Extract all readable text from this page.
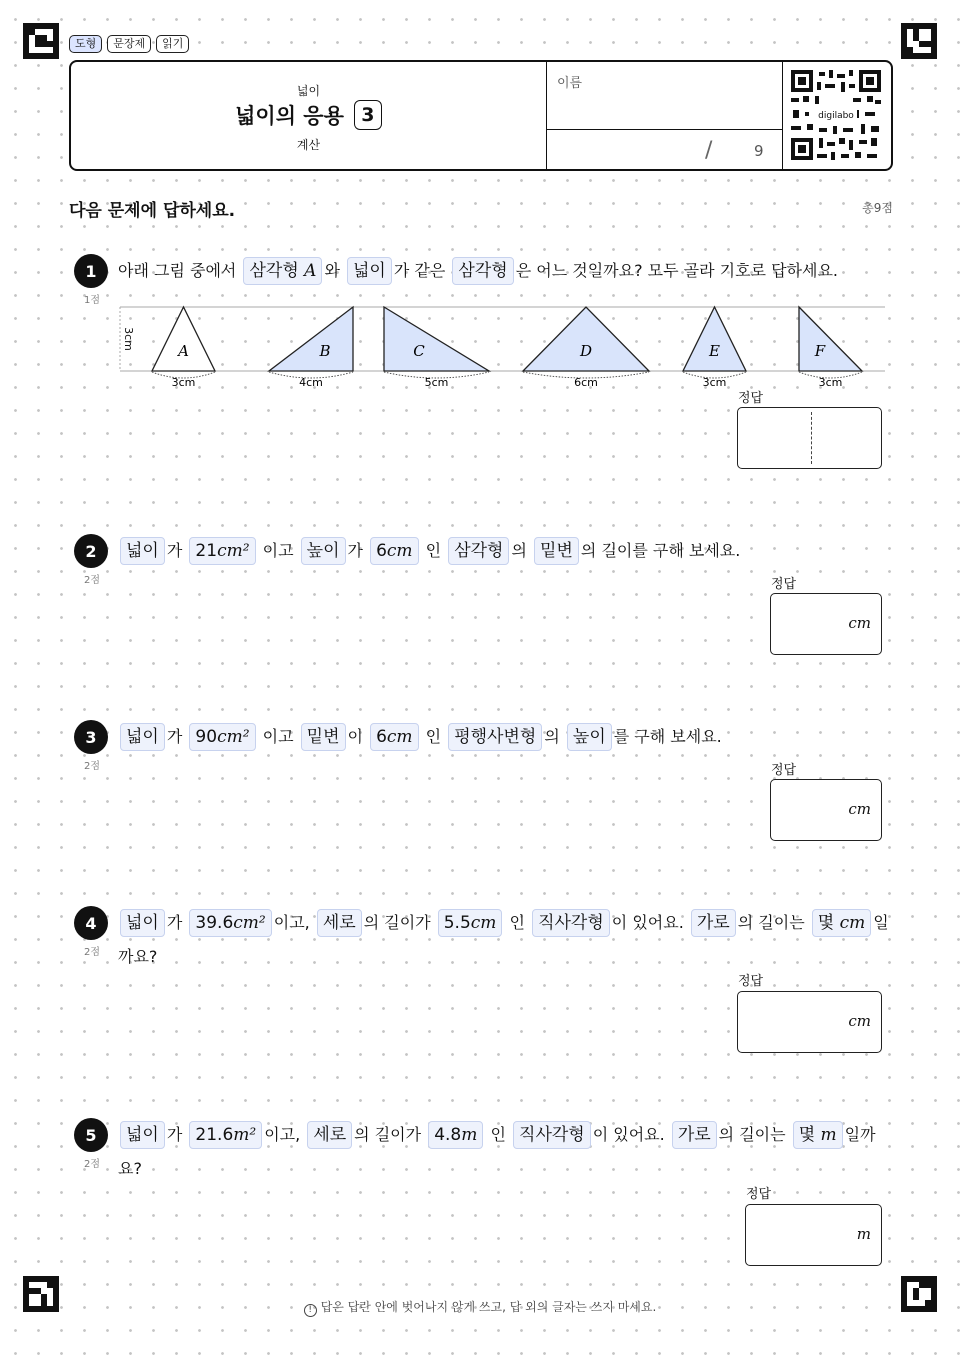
도형	문장제	읽기
넓이
넓이의 응용 3
계산
이름
/	9
digilabo
다음 문제에 답하세요.	총9점
1
1점
아래 그림 중에서 삼각형 A 와 넓이 가 같은 삼각형 은 어느 것일까요? 모두 골라 기호로 답하세요.
3cm
A
3cm
B
4cm
C
5cm
D
6cm
E
3cm
F
3cm
정답
2
2점
넓이 가 21cm² 이고 높이 가 6cm 인 삼각형 의 밑변 의 길이를 구해 보세요.
정답
cm
3
2점
넓이 가 90cm² 이고 밑변 이 6cm 인 평행사변형 의 높이 를 구해 보세요.
정답
cm
4
2점
넓이 가 39.6cm² 이고, 세로 의 길이가 5.5cm 인 직사각형 이 있어요. 가로 의 길이는 몇 cm 일
까요?
정답
cm
5
2점
넓이 가 21.6m² 이고, 세로 의 길이가 4.8m 인 직사각형 이 있어요. 가로 의 길이는 몇 m 일까
요?
정답
m
! 답은 답란 안에 벗어나지 않게 쓰고, 답 외의 글자는 쓰지 마세요.
